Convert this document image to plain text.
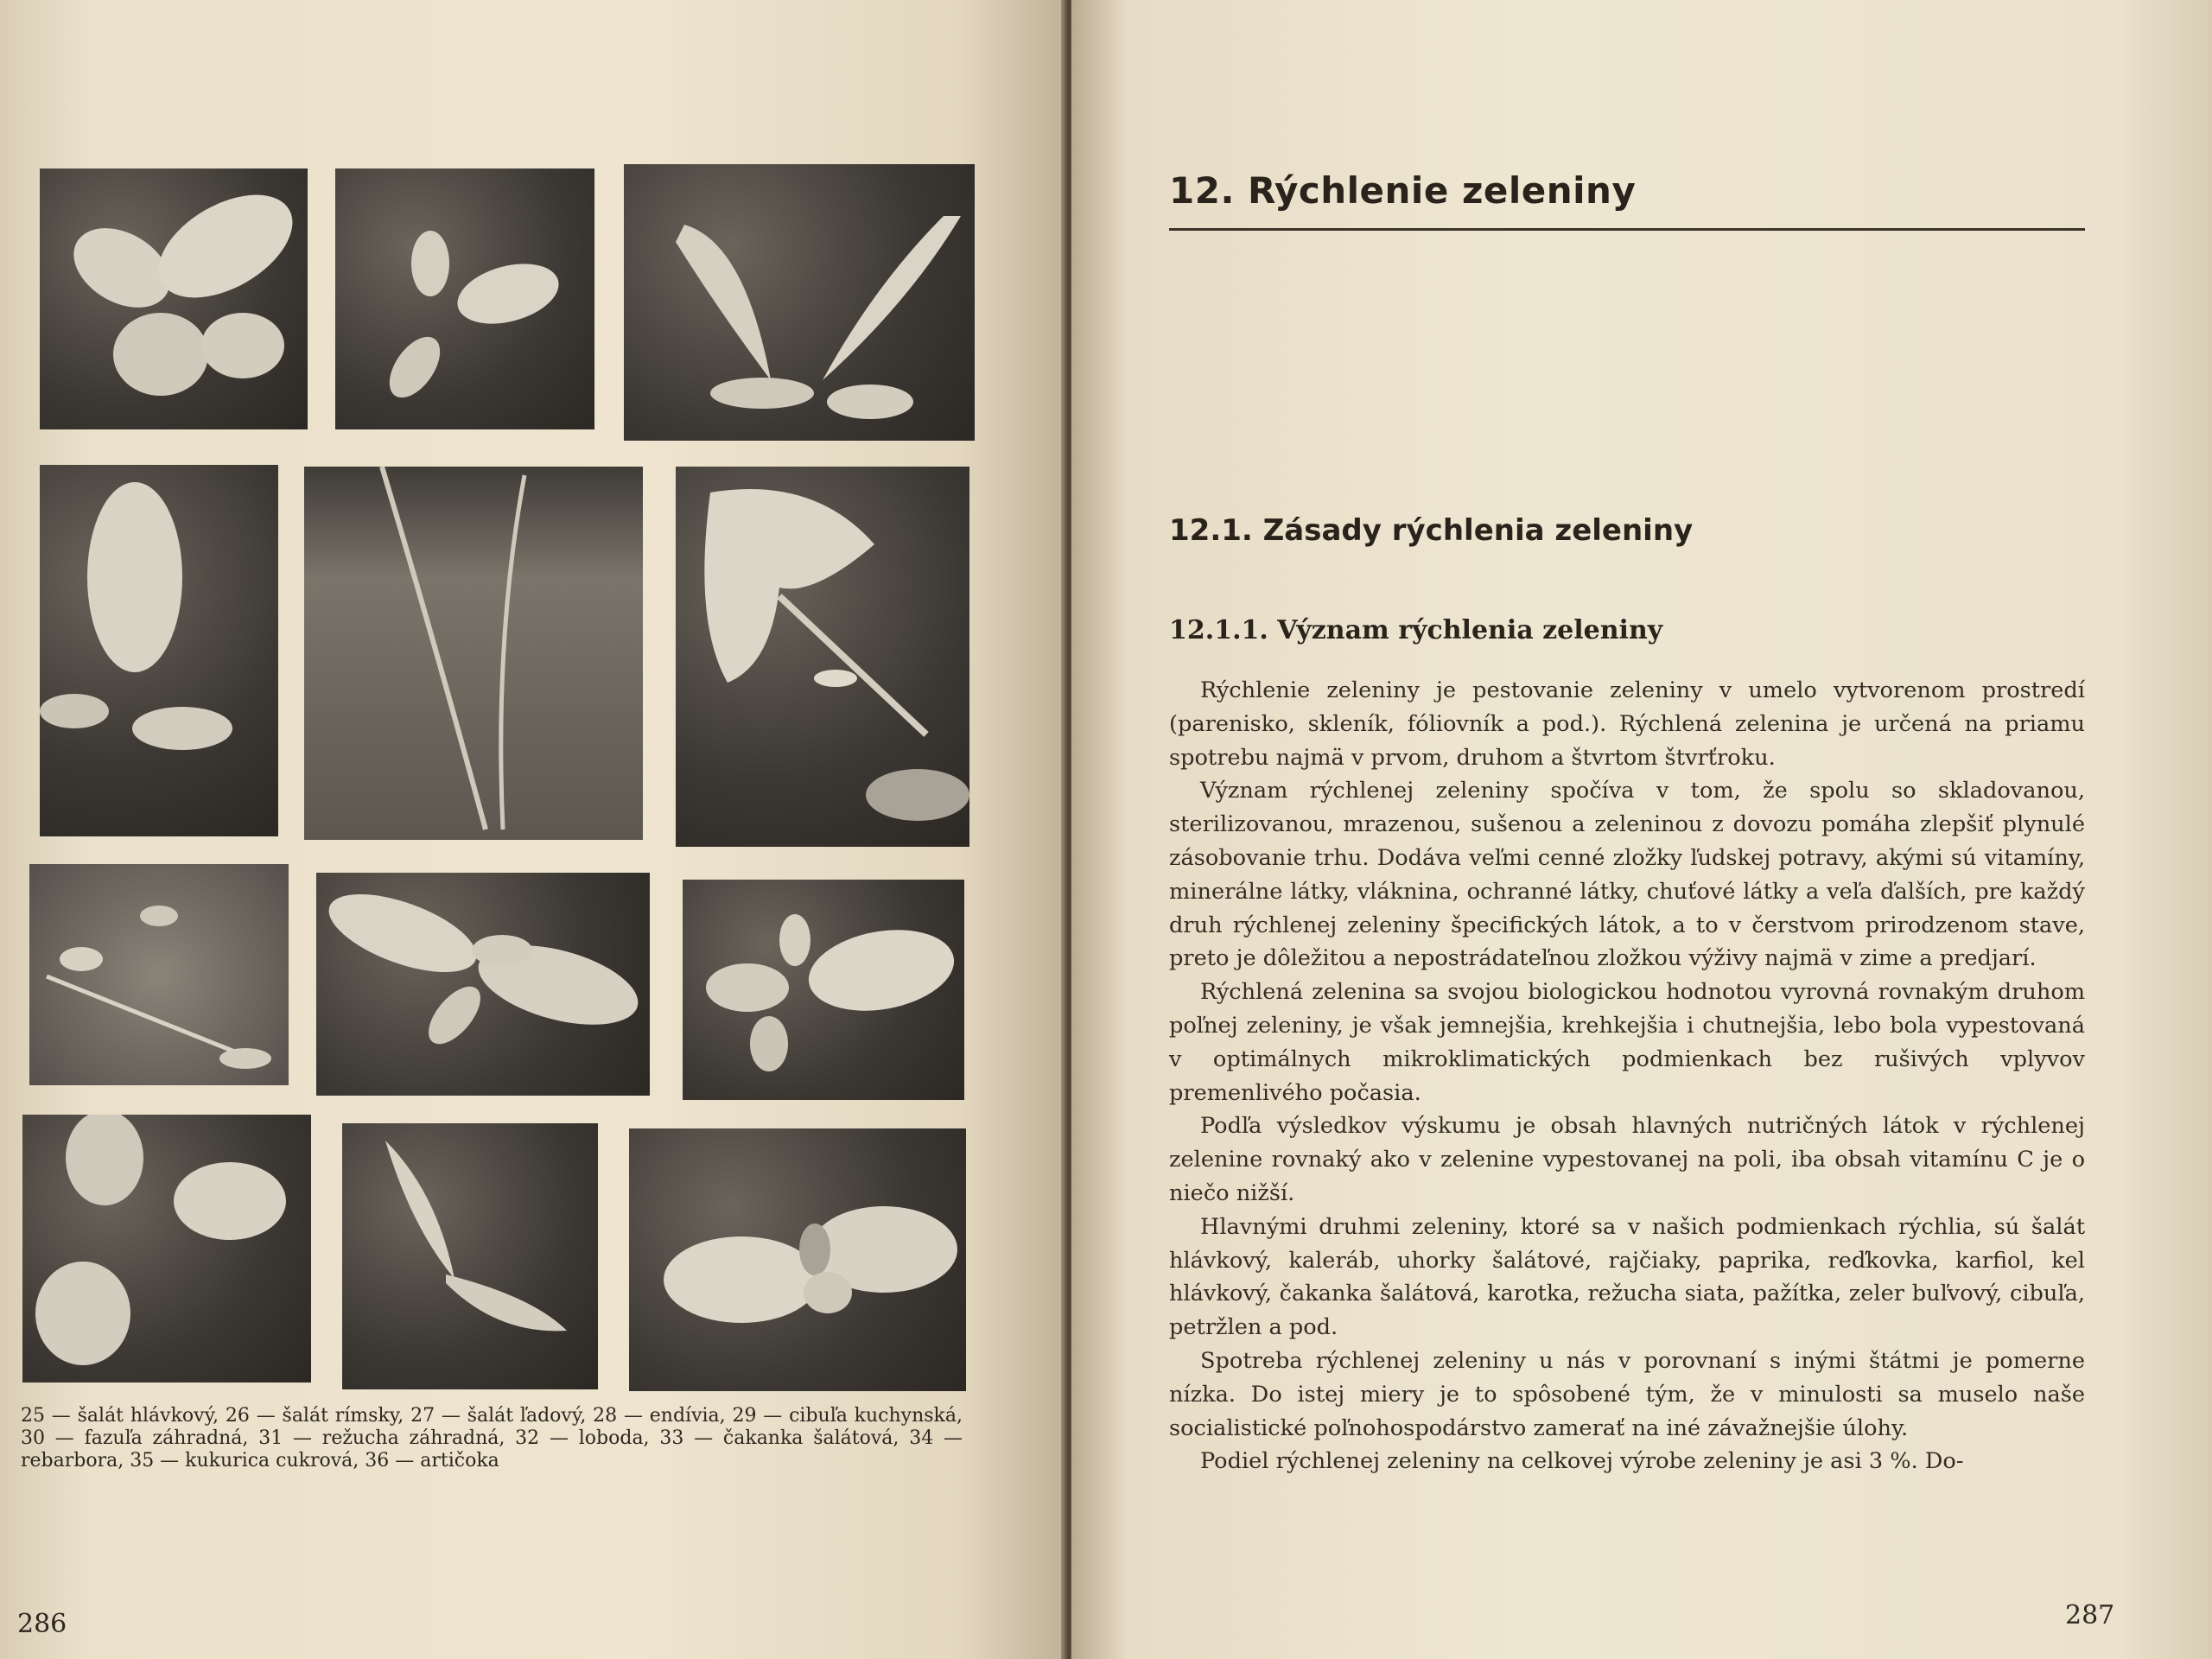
25 — šalát hlávkový, 26 — šalát rímsky, 27 — šalát ľadový, 28 — endívia, 29 — cibuľa kuchynská, 30 — fazuľa záhradná, 31 — režucha záhradná, 32 — loboda, 33 — čakanka šalátová, 34 — rebarbora, 35 — kukurica cukrová, 36 — artičoka
286
12. Rýchlenie zeleniny
12.1. Zásady rýchlenia zeleniny
12.1.1. Význam rýchlenia zeleniny

Rýchlenie zeleniny je pestovanie zeleniny v umelo vytvorenom prostredí (parenisko, skleník, fóliovník a pod.). Rýchlená zelenina je určená na priamu spotrebu najmä v prvom, druhom a štvrtom štvrťroku.

Význam rýchlenej zeleniny spočíva v tom, že spolu so skladovanou, sterilizovanou, mrazenou, sušenou a zeleninou z dovozu pomáha zlepšiť plynulé zásobovanie trhu. Dodáva veľmi cenné zložky ľudskej potravy, akými sú vitamíny, minerálne látky, vláknina, ochranné látky, chuťové látky a veľa ďalších, pre každý druh rýchlenej zeleniny špecifických látok, a to v čerstvom prirodzenom stave, preto je dôležitou a nepostrádateľnou zložkou výživy najmä v zime a predjarí.

Rýchlená zelenina sa svojou biologickou hodnotou vyrovná rovnakým druhom poľnej zeleniny, je však jemnejšia, krehkejšia i chutnejšia, lebo bola vypestovaná v optimálnych mikroklimatických podmienkach bez rušivých vplyvov premenlivého počasia.

Podľa výsledkov výskumu je obsah hlavných nutričných látok v rýchlenej zelenine rovnaký ako v zelenine vypestovanej na poli, iba obsah vitamínu C je o niečo nižší.

Hlavnými druhmi zeleniny, ktoré sa v našich podmienkach rýchlia, sú šalát hlávkový, kaleráb, uhorky šalátové, rajčiaky, paprika, reďkovka, karfiol, kel hlávkový, čakanka šalátová, karotka, režucha siata, pažítka, zeler buľvový, cibuľa, petržlen a pod.

Spotreba rýchlenej zeleniny u nás v porovnaní s inými štátmi je pomerne nízka. Do istej miery je to spôsobené tým, že v minulosti sa muselo naše socialistické poľnohospodárstvo zamerať na iné závažnejšie úlohy.

Podiel rýchlenej zeleniny na celkovej výrobe zeleniny je asi 3 %. Do-

287
